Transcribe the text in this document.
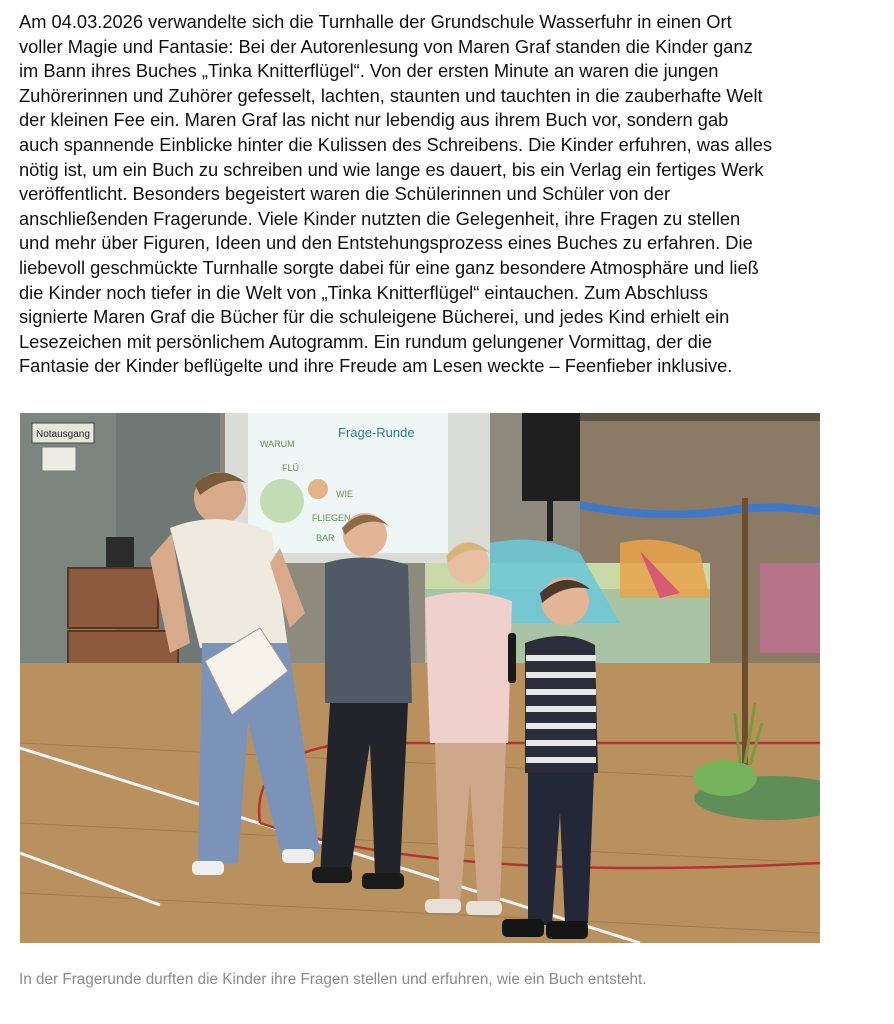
Am 04.03.2026 verwandelte sich die Turnhalle der Grundschule Wasserfuhr in einen Ort
voller Magie und Fantasie: Bei der Autorenlesung von Maren Graf standen die Kinder ganz
im Bann ihres Buches „Tinka Knitterflügel“. Von der ersten Minute an waren die jungen
Zuhörerinnen und Zuhörer gefesselt, lachten, staunten und tauchten in die zauberhafte Welt
der kleinen Fee ein. Maren Graf las nicht nur lebendig aus ihrem Buch vor, sondern gab
auch spannende Einblicke hinter die Kulissen des Schreibens. Die Kinder erfuhren, was alles
nötig ist, um ein Buch zu schreiben und wie lange es dauert, bis ein Verlag ein fertiges Werk
veröffentlicht. Besonders begeistert waren die Schülerinnen und Schüler von der
anschließenden Fragerunde. Viele Kinder nutzten die Gelegenheit, ihre Fragen zu stellen
und mehr über Figuren, Ideen und den Entstehungsprozess eines Buches zu erfahren. Die
liebevoll geschmückte Turnhalle sorgte dabei für eine ganz besondere Atmosphäre und ließ
die Kinder noch tiefer in die Welt von „Tinka Knitterflügel“ eintauchen. Zum Abschluss
signierte Maren Graf die Bücher für die schuleigene Bücherei, und jedes Kind erhielt ein
Lesezeichen mit persönlichem Autogramm. Ein rundum gelungener Vormittag, der die
Fantasie der Kinder beflügelte und ihre Freude am Lesen weckte – Feenfieber inklusive.
Notausgang	Frage-Runde
WARUM
FLÜ
WIE
FLIEGEN
BAR

In der Fragerunde durften die Kinder ihre Fragen stellen und erfuhren, wie ein Buch entsteht.
